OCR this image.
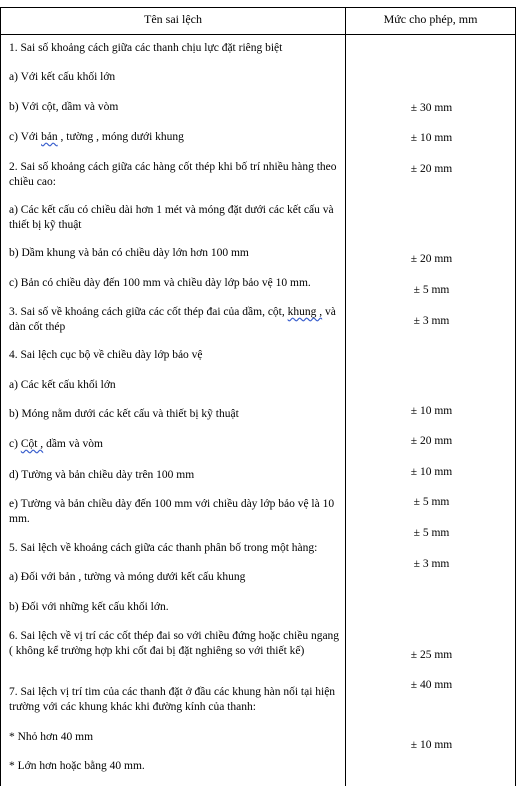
Tên sai lệch	Mức cho phép, mm
1. Sai số khoảng cách giữa các thanh chịu lực đặt riêng biệt
a) Với kết cấu khối lớn
b) Với cột, dầm và vòm
c) Với bản , tường , móng dưới khung
2. Sai số khoảng cách giữa các hàng cốt thép khi bố trí nhiều hàng theo chiều cao:
a) Các kết cấu có chiều dài hơn 1 mét và móng đặt dưới các kết cấu và thiết bị kỹ thuật
b) Dầm khung và bản có chiều dày lớn hơn 100 mm
c) Bản có chiều dày đến 100 mm và chiều dày lớp bảo vệ 10 mm.
3. Sai số về khoảng cách giữa các cốt thép đai của dầm, cột, khung , và dàn cốt thép
4. Sai lệch cục bộ về chiều dày lớp bảo vệ
a) Các kết cấu khối lớn
b) Móng nằm dưới các kết cấu và thiết bị kỹ thuật
c) Cột , dầm và vòm
d) Tường và bản chiều dày trên 100 mm
e) Tường và bản chiều dày đến 100 mm với chiều dày lớp bảo vệ là 10 mm.
5. Sai lệch về khoảng cách giữa các thanh phân bố trong một hàng:
a) Đối với bản , tường và móng dưới kết cấu khung
b) Đối với những kết cấu khối lớn.
6. Sai lệch về vị trí các cốt thép đai so với chiều đứng hoặc chiều ngang ( không kể trường hợp khi cốt đai bị đặt nghiêng so với thiết kế)
7. Sai lệch vị trí tim của các thanh đặt ở đầu các khung hàn nối tại hiện trường với các khung khác khi đường kính của thanh:
* Nhỏ hơn 40 mm
* Lớn hơn hoặc bằng 40 mm.
± 30 mm
± 10 mm
± 20 mm
± 20 mm
± 5 mm
± 3 mm
± 10 mm
± 20 mm
± 10 mm
± 5 mm
± 5 mm
± 3 mm
± 25 mm
± 40 mm
± 10 mm
